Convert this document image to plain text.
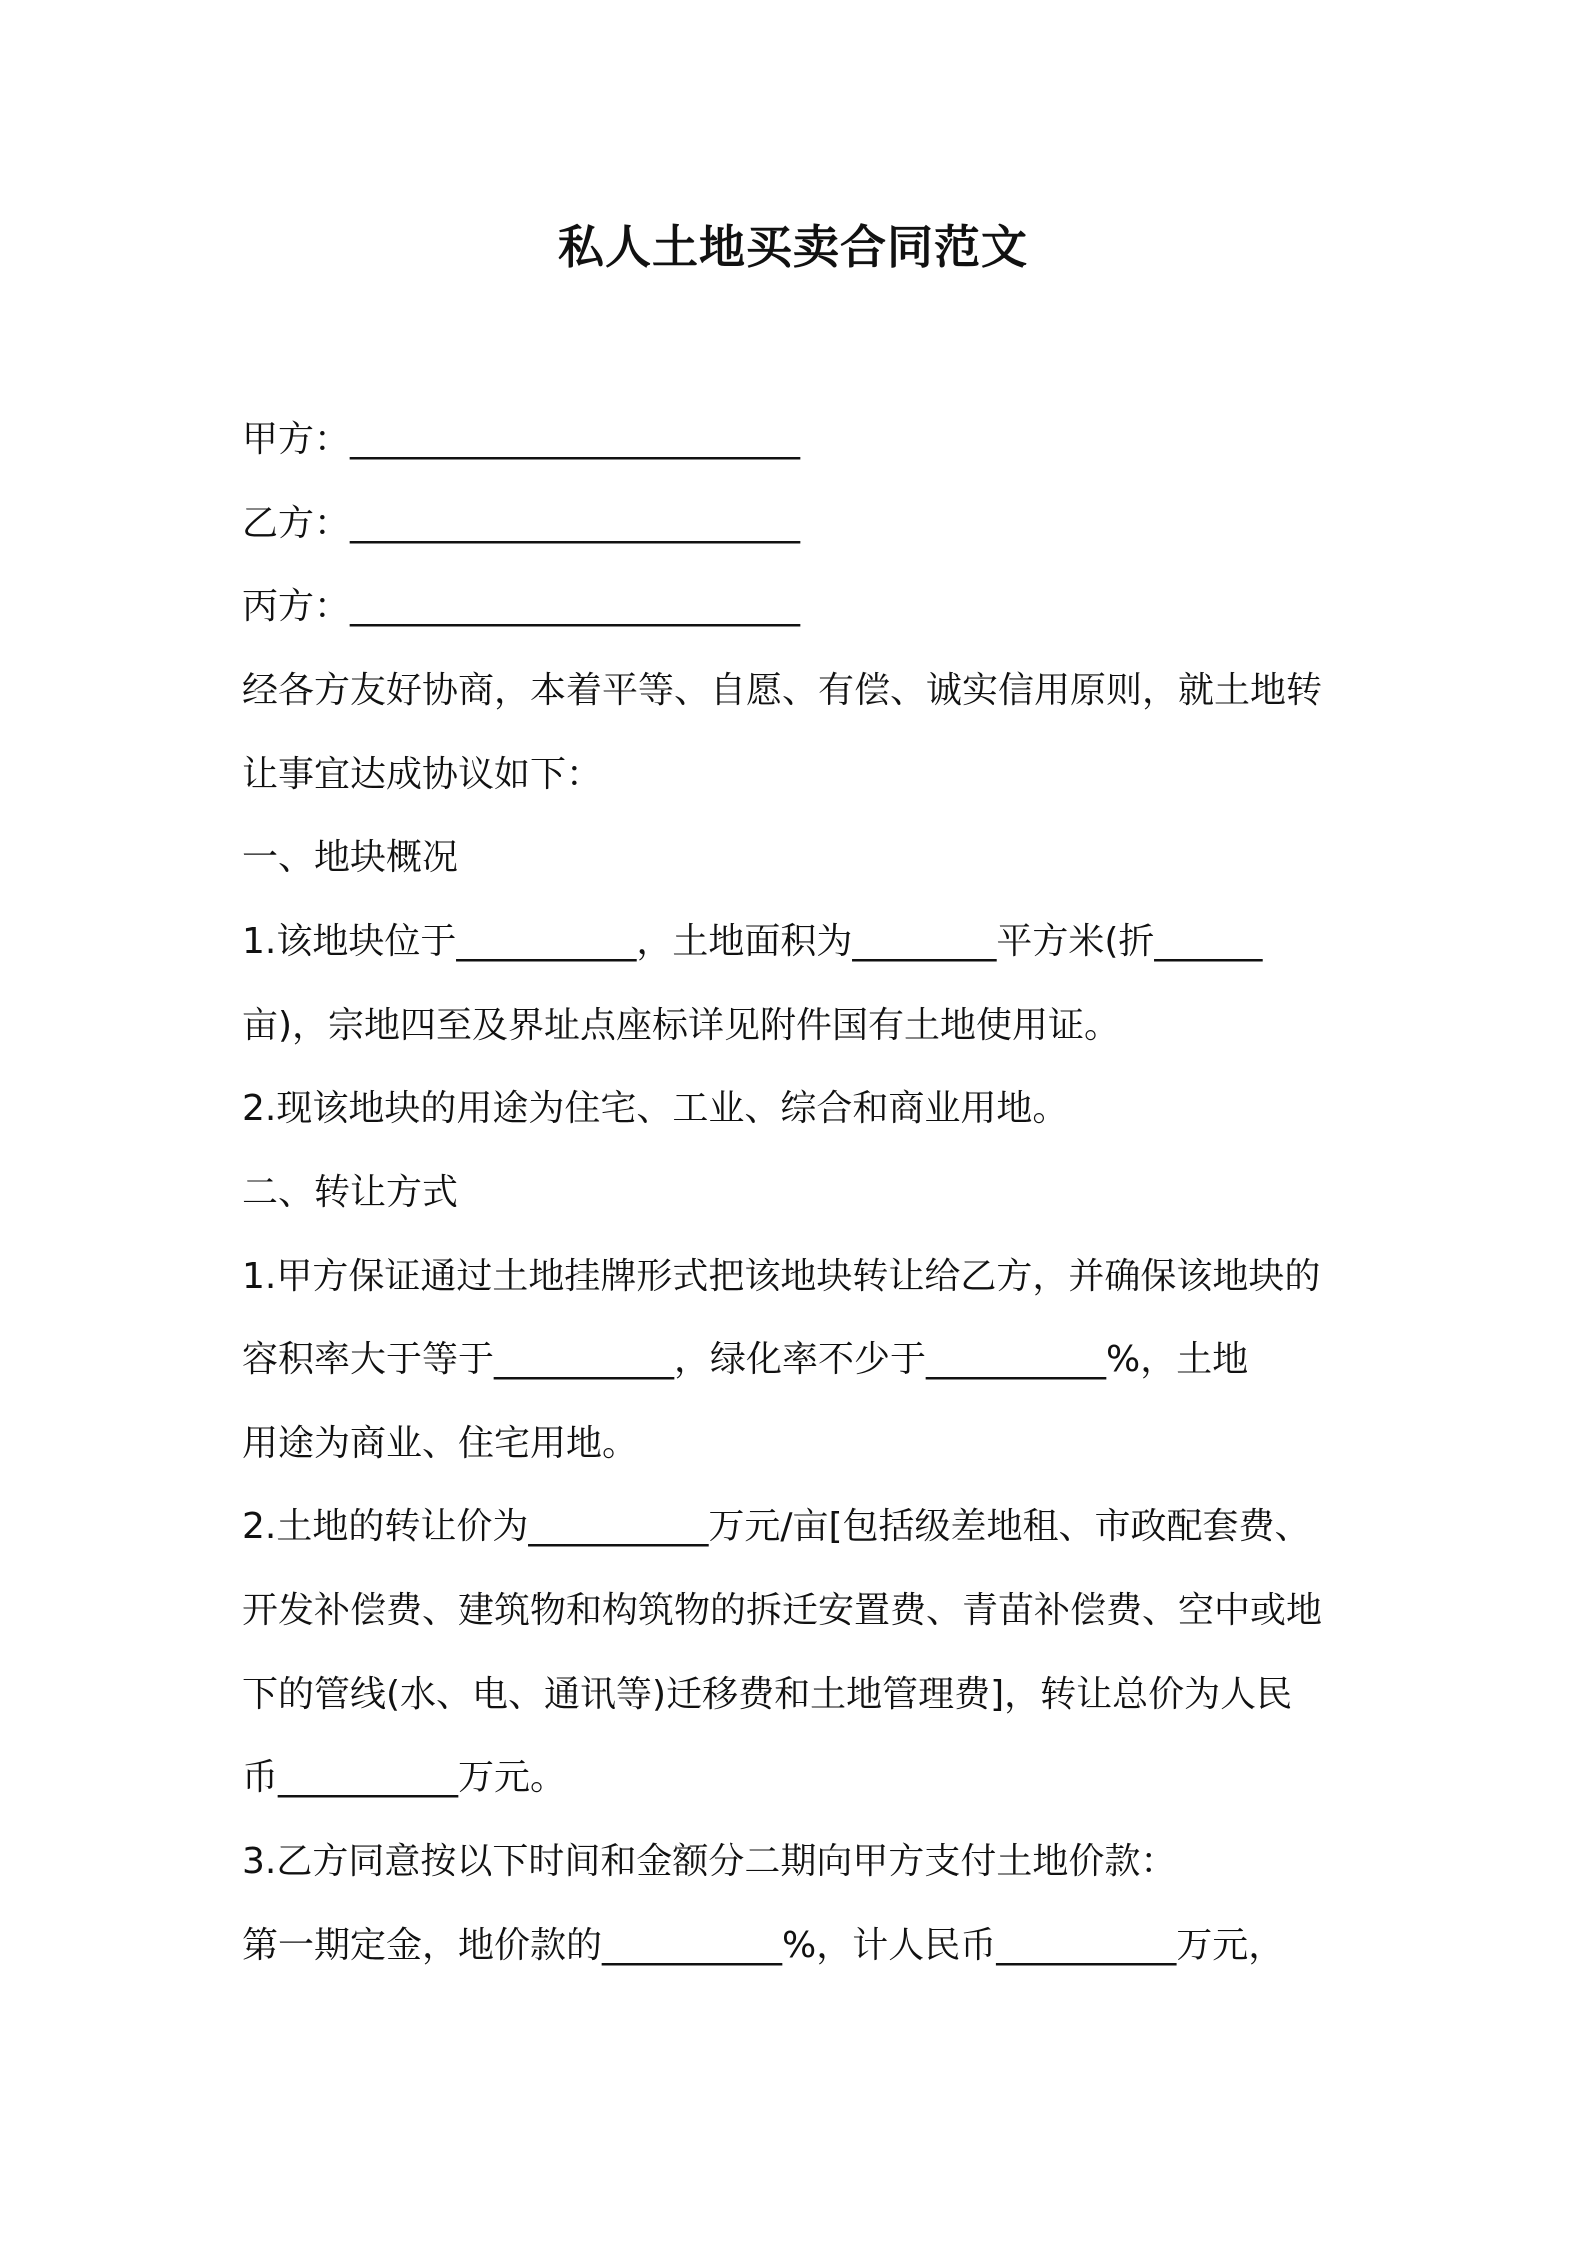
私人土地买卖合同范文
甲方：_________________________
乙方：_________________________
丙方：_________________________
经各方友好协商，本着平等、自愿、有偿、诚实信用原则，就土地转
让事宜达成协议如下：
一、地块概况
1.该地块位于__________，土地面积为________平方米(折______
亩)，宗地四至及界址点座标详见附件国有土地使用证。
2.现该地块的用途为住宅、工业、综合和商业用地。
二、转让方式
1.甲方保证通过土地挂牌形式把该地块转让给乙方，并确保该地块的
容积率大于等于__________，绿化率不少于__________%，土地
用途为商业、住宅用地。
2.土地的转让价为__________万元/亩[包括级差地租、市政配套费、
开发补偿费、建筑物和构筑物的拆迁安置费、青苗补偿费、空中或地
下的管线(水、电、通讯等)迁移费和土地管理费]，转让总价为人民
币__________万元。
3.乙方同意按以下时间和金额分二期向甲方支付土地价款：
第一期定金，地价款的__________%，计人民币__________万元，
